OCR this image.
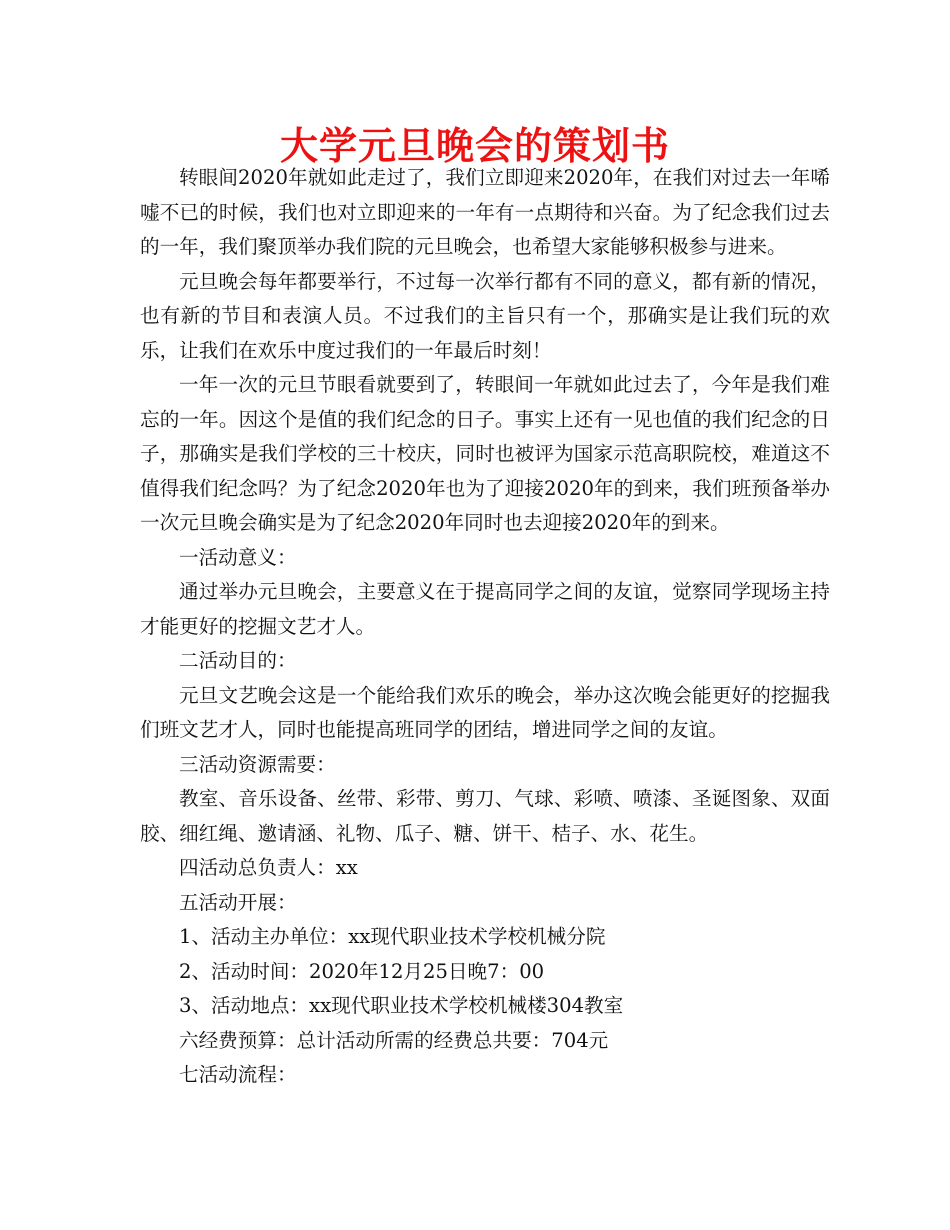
大学元旦晚会的策划书

转眼间2020年就如此走过了，我们立即迎来2020年，在我们对过去一年唏嘘不已的时候，我们也对立即迎来的一年有一点期待和兴奋。为了纪念我们过去的一年，我们聚顶举办我们院的元旦晚会，也希望大家能够积极参与进来。

元旦晚会每年都要举行，不过每一次举行都有不同的意义，都有新的情况，也有新的节目和表演人员。不过我们的主旨只有一个，那确实是让我们玩的欢乐，让我们在欢乐中度过我们的一年最后时刻！

一年一次的元旦节眼看就要到了，转眼间一年就如此过去了，今年是我们难忘的一年。因这个是值的我们纪念的日子。事实上还有一见也值的我们纪念的日子，那确实是我们学校的三十校庆，同时也被评为国家示范高职院校，难道这不值得我们纪念吗？为了纪念2020年也为了迎接2020年的到来，我们班预备举办一次元旦晚会确实是为了纪念2020年同时也去迎接2020年的到来。

一活动意义：

通过举办元旦晚会，主要意义在于提高同学之间的友谊，觉察同学现场主持才能更好的挖掘文艺才人。

二活动目的：

元旦文艺晚会这是一个能给我们欢乐的晚会，举办这次晚会能更好的挖掘我们班文艺才人，同时也能提高班同学的团结，增进同学之间的友谊。

三活动资源需要：

教室、音乐设备、丝带、彩带、剪刀、气球、彩喷、喷漆、圣诞图象、双面胶、细红绳、邀请涵、礼物、瓜子、糖、饼干、桔子、水、花生。

四活动总负责人：xx

五活动开展：

1、活动主办单位：xx现代职业技术学校机械分院

2、活动时间：2020年12月25日晚7：00

3、活动地点：xx现代职业技术学校机械楼304教室

六经费预算：总计活动所需的经费总共要：704元

七活动流程：
